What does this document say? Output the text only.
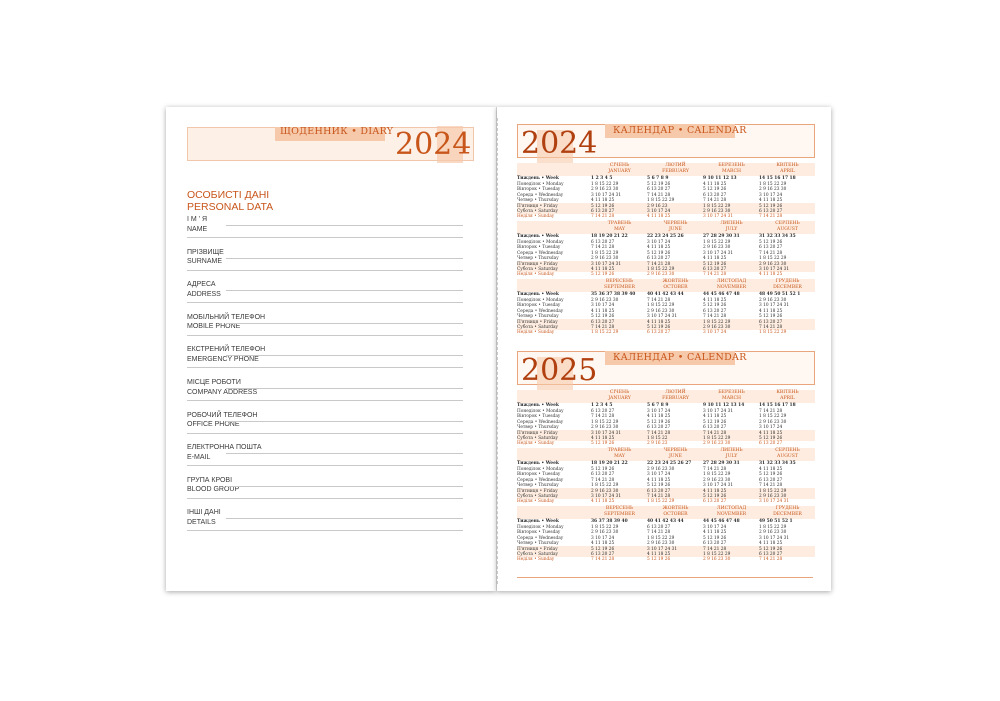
ЩОДЕННИК • DIARY 2024
ОСОБИСТІ ДАНІ
PERSONAL DATA
І М ' Я
NAME
ПРІЗВИЩЕ
SURNAME
АДРЕСА
ADDRESS
МОБІЛЬНИЙ ТЕЛЕФОН
MOBILE PHONE
ЕКСТРЕНИЙ ТЕЛЕФОН
EMERGENCY PHONE
МІСЦЕ РОБОТИ
COMPANY ADDRESS
РОБОЧИЙ ТЕЛЕФОН
OFFICE PHONE
ЕЛЕКТРОННА ПОШТА
E-MAIL
ГРУПА КРОВІ
BLOOD GROUP
ІНШІ ДАНІ
DETAILS
КАЛЕНДАР • CALENDAR
2024
Тиждень • Week
Понеділок • Monday
Вівторок • Tuesday
Середа • Wednesday
Четвер • Thursday
П'ятниця • Friday
Субота • Saturday
Неділя • Sunday
СІЧЕНЬ
JANUARY
1 2 3 4 5
1 8 15 22 29
2 9 16 23 30
3 10 17 24 31
4 11 18 25
5 12 19 26
6 13 20 27
7 14 21 28
ЛЮТИЙ
FEBRUARY
5 6 7 8 9
5 12 19 26
6 13 20 27
7 14 21 28
1 8 15 22 29
2 9 16 23
3 10 17 24
4 11 18 25
БЕРЕЗЕНЬ
MARCH
9 10 11 12 13
4 11 18 25
5 12 19 26
6 13 20 27
7 14 21 28
1 8 15 22 29
2 9 16 23 30
3 10 17 24 31
КВІТЕНЬ
APRIL
14 15 16 17 18
1 8 15 22 29
2 9 16 23 30
3 10 17 24
4 11 18 25
5 12 19 26
6 13 20 27
7 14 21 28
Тиждень • Week
Понеділок • Monday
Вівторок • Tuesday
Середа • Wednesday
Четвер • Thursday
П'ятниця • Friday
Субота • Saturday
Неділя • Sunday
ТРАВЕНЬ
MAY
18 19 20 21 22
6 13 20 27
7 14 21 28
1 8 15 22 29
2 9 16 23 30
3 10 17 24 31
4 11 18 25
5 12 19 26
ЧЕРВЕНЬ
JUNE
22 23 24 25 26
3 10 17 24
4 11 18 25
5 12 19 26
6 13 20 27
7 14 21 28
1 8 15 22 29
2 9 16 23 30
ЛИПЕНЬ
JULY
27 28 29 30 31
1 8 15 22 29
2 9 16 23 30
3 10 17 24 31
4 11 18 25
5 12 19 26
6 13 20 27
7 14 21 28
СЕРПЕНЬ
AUGUST
31 32 33 34 35
5 12 19 26
6 13 20 27
7 14 21 28
1 8 15 22 29
2 9 16 23 30
3 10 17 24 31
4 11 18 25
Тиждень • Week
Понеділок • Monday
Вівторок • Tuesday
Середа • Wednesday
Четвер • Thursday
П'ятниця • Friday
Субота • Saturday
Неділя • Sunday
ВЕРЕСЕНЬ
SEPTEMBER
35 36 37 38 39 40
2 9 16 23 30
3 10 17 24
4 11 18 25
5 12 19 26
6 13 20 27
7 14 21 28
1 8 15 22 29
ЖОВТЕНЬ
OCTOBER
40 41 42 43 44
7 14 21 28
1 8 15 22 29
2 9 16 23 30
3 10 17 24 31
4 11 18 25
5 12 19 26
6 13 20 27
ЛИСТОПАД
NOVEMBER
44 45 46 47 48
4 11 18 25
5 12 19 26
6 13 20 27
7 14 21 28
1 8 15 22 29
2 9 16 23 30
3 10 17 24
ГРУДЕНЬ
DECEMBER
48 49 50 51 52 1
2 9 16 23 30
3 10 17 24 31
4 11 18 25
5 12 19 26
6 13 20 27
7 14 21 28
1 8 15 22 29
КАЛЕНДАР • CALENDAR
2025
Тиждень • Week
Понеділок • Monday
Вівторок • Tuesday
Середа • Wednesday
Четвер • Thursday
П'ятниця • Friday
Субота • Saturday
Неділя • Sunday
СІЧЕНЬ
JANUARY
1 2 3 4 5
6 13 20 27
7 14 21 28
1 8 15 22 29
2 9 16 23 30
3 10 17 24 31
4 11 18 25
5 12 19 26
ЛЮТИЙ
FEBRUARY
5 6 7 8 9
3 10 17 24
4 11 18 25
5 12 19 26
6 13 20 27
7 14 21 28
1 8 15 22
2 9 16 23
БЕРЕЗЕНЬ
MARCH
9 10 11 12 13 14
3 10 17 24 31
4 11 18 25
5 12 19 26
6 13 20 27
7 14 21 28
1 8 15 22 29
2 9 16 23 30
КВІТЕНЬ
APRIL
14 15 16 17 18
7 14 21 28
1 8 15 22 29
2 9 16 23 30
3 10 17 24
4 11 18 25
5 12 19 26
6 13 20 27
Тиждень • Week
Понеділок • Monday
Вівторок • Tuesday
Середа • Wednesday
Четвер • Thursday
П'ятниця • Friday
Субота • Saturday
Неділя • Sunday
ТРАВЕНЬ
MAY
18 19 20 21 22
5 12 19 26
6 13 20 27
7 14 21 28
1 8 15 22 29
2 9 16 23 30
3 10 17 24 31
4 11 18 25
ЧЕРВЕНЬ
JUNE
22 23 24 25 26 27
2 9 16 23 30
3 10 17 24
4 11 18 25
5 12 19 26
6 13 20 27
7 14 21 28
1 8 15 22 29
ЛИПЕНЬ
JULY
27 28 29 30 31
7 14 21 28
1 8 15 22 29
2 9 16 23 30
3 10 17 24 31
4 11 18 25
5 12 19 26
6 13 20 27
СЕРПЕНЬ
AUGUST
31 32 33 34 35
4 11 18 25
5 12 19 26
6 13 20 27
7 14 21 28
1 8 15 22 29
2 9 16 23 30
3 10 17 24 31
Тиждень • Week
Понеділок • Monday
Вівторок • Tuesday
Середа • Wednesday
Четвер • Thursday
П'ятниця • Friday
Субота • Saturday
Неділя • Sunday
ВЕРЕСЕНЬ
SEPTEMBER
36 37 38 39 40
1 8 15 22 29
2 9 16 23 30
3 10 17 24
4 11 18 25
5 12 19 26
6 13 20 27
7 14 21 28
ЖОВТЕНЬ
OCTOBER
40 41 42 43 44
6 13 20 27
7 14 21 28
1 8 15 22 29
2 9 16 23 30
3 10 17 24 31
4 11 18 25
5 12 19 26
ЛИСТОПАД
NOVEMBER
44 45 46 47 48
3 10 17 24
4 11 18 25
5 12 19 26
6 13 20 27
7 14 21 28
1 8 15 22 29
2 9 16 23 30
ГРУДЕНЬ
DECEMBER
49 50 51 52 1
1 8 15 22 29
2 9 16 23 30
3 10 17 24 31
4 11 18 25
5 12 19 26
6 13 20 27
7 14 21 28
